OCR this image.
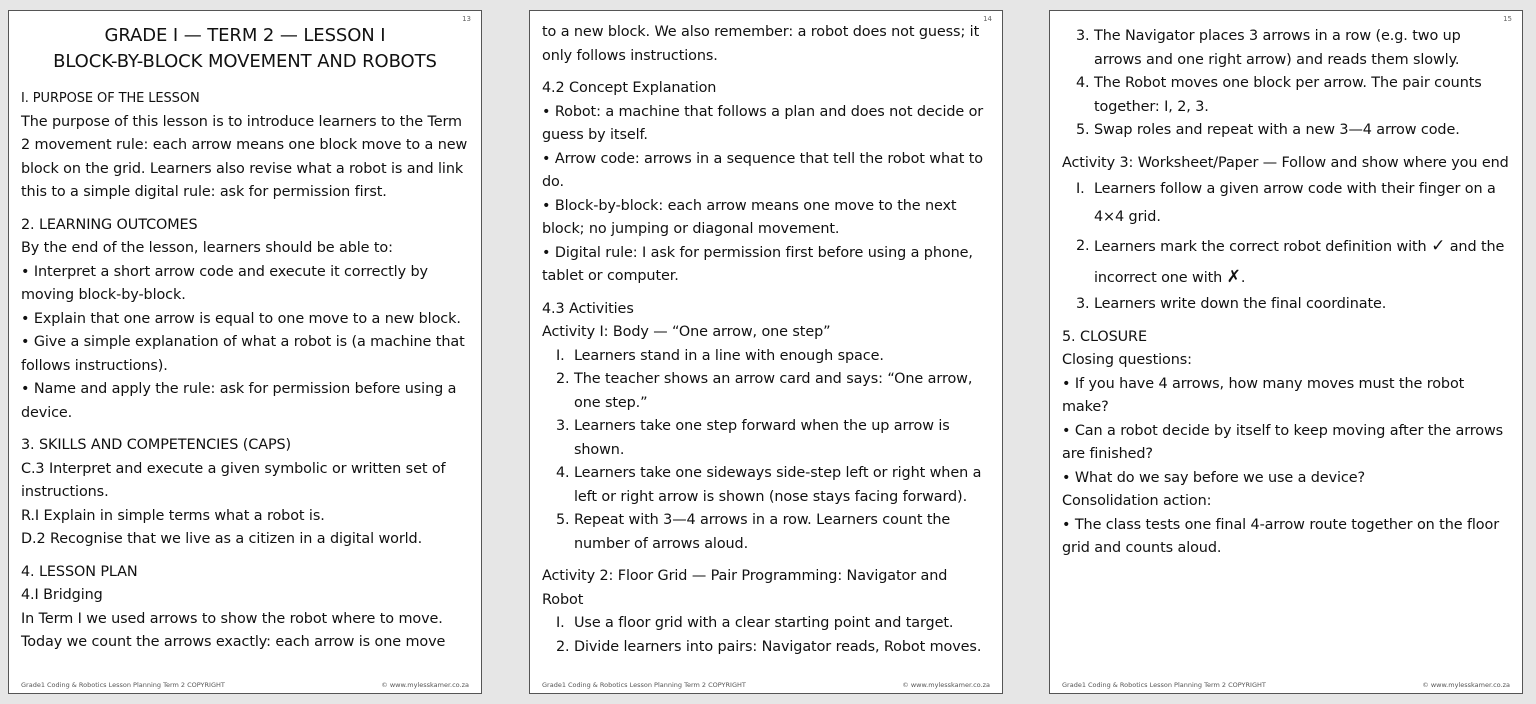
13
GRADE I — TERM 2 — LESSON I
BLOCK-BY-BLOCK MOVEMENT AND ROBOTS
I. PURPOSE OF THE LESSON

The purpose of this lesson is to introduce learners to the Term 2 movement rule: each arrow means one block move to a new block on the grid. Learners also revise what a robot is and link this to a simple digital rule: ask for permission first.

2. LEARNING OUTCOMES

By the end of the lesson, learners should be able to:

• Interpret a short arrow code and execute it correctly by moving block-by-block.

• Explain that one arrow is equal to one move to a new block.

• Give a simple explanation of what a robot is (a machine that follows instructions).

• Name and apply the rule: ask for permission before using a device.

3. SKILLS AND COMPETENCIES (CAPS)

C.3 Interpret and execute a given symbolic or written set of instructions.

R.I Explain in simple terms what a robot is.

D.2 Recognise that we live as a citizen in a digital world.

4. LESSON PLAN

4.I Bridging

In Term I we used arrows to show the robot where to move. Today we count the arrows exactly: each arrow is one move

Grade1 Coding & Robotics Lesson Planning Term 2 COPYRIGHT	© www.mylesskamer.co.za
14

to a new block. We also remember: a robot does not guess; it only follows instructions.

4.2 Concept Explanation

• Robot: a machine that follows a plan and does not decide or guess by itself.

• Arrow code: arrows in a sequence that tell the robot what to do.

• Block-by-block: each arrow means one move to the next block; no jumping or diagonal movement.

• Digital rule: I ask for permission first before using a phone, tablet or computer.

4.3 Activities

Activity I: Body — “One arrow, one step”

I. Learners stand in a line with enough space.
2. The teacher shows an arrow card and says: “One arrow, one step.”
3. Learners take one step forward when the up arrow is shown.
4. Learners take one sideways side-step left or right when a left or right arrow is shown (nose stays facing forward).
5. Repeat with 3—4 arrows in a row. Learners count the number of arrows aloud.
Activity 2: Floor Grid — Pair Programming: Navigator and Robot
I. Use a floor grid with a clear starting point and target.
2. Divide learners into pairs: Navigator reads, Robot moves.
Grade1 Coding & Robotics Lesson Planning Term 2 COPYRIGHT	© www.mylesskamer.co.za
15
3. The Navigator places 3 arrows in a row (e.g. two up arrows and one right arrow) and reads them slowly.
4. The Robot moves one block per arrow. The pair counts together: I, 2, 3.
5. Swap roles and repeat with a new 3—4 arrow code.
Activity 3: Worksheet/Paper — Follow and show where you end
I. Learners follow a given arrow code with their finger on a 4×4 grid.
2. Learners mark the correct robot definition with ✓ and the incorrect one with ✗.
3. Learners write down the final coordinate.
5. CLOSURE

Closing questions:

• If you have 4 arrows, how many moves must the robot make?

• Can a robot decide by itself to keep moving after the arrows are finished?

• What do we say before we use a device?

Consolidation action:

• The class tests one final 4-arrow route together on the floor grid and counts aloud.

Grade1 Coding & Robotics Lesson Planning Term 2 COPYRIGHT	© www.mylesskamer.co.za
